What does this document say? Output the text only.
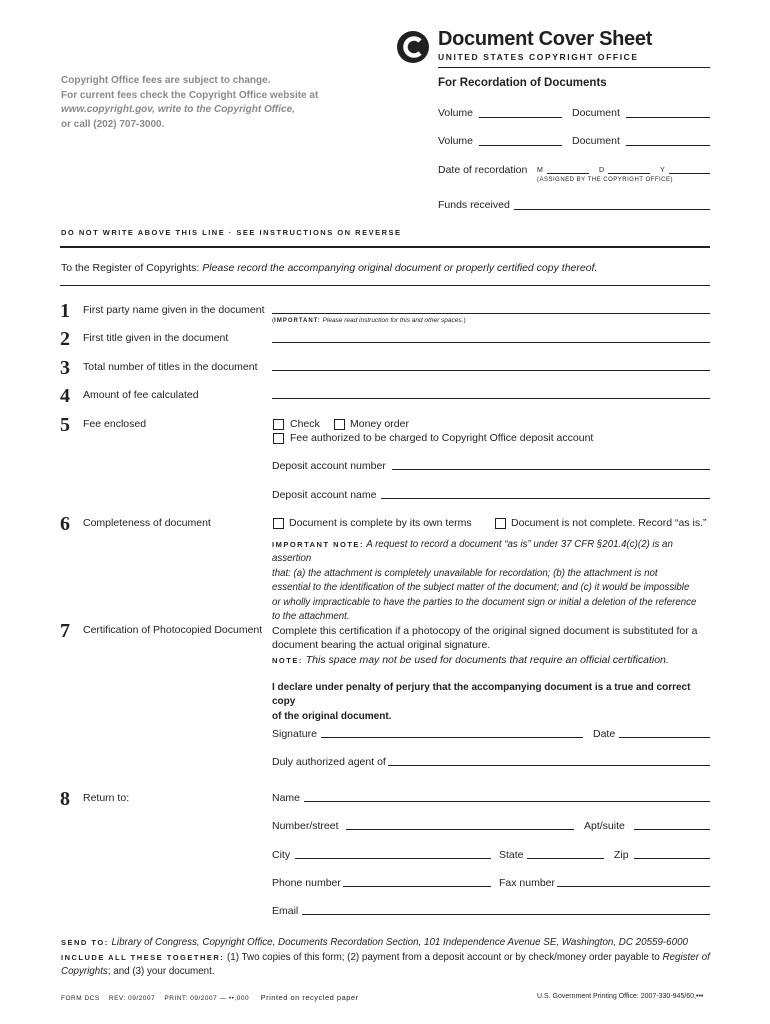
Document Cover Sheet
UNITED STATES COPYRIGHT OFFICE
For Recordation of Documents
Copyright Office fees are subject to change.
For current fees check the Copyright Office website at
www.copyright.gov, write to the Copyright Office,
or call (202) 707-3000.
Volume	Document
Volume	Document
Date of recordation M	D	Y
(ASSIGNED BY THE COPYRIGHT OFFICE)
Funds received
DO NOT WRITE ABOVE THIS LINE · SEE INSTRUCTIONS ON REVERSE
To the Register of Copyrights: Please record the accompanying original document or properly certified copy thereof.
1 First party name given in the document
(IMPORTANT: Please read instruction for this and other spaces.)
2 First title given in the document
3 Total number of titles in the document
4 Amount of fee calculated
5 Fee enclosed	Check	Money order
Fee authorized to be charged to Copyright Office deposit account
Deposit account number
Deposit account name
6 Completeness of document	Document is complete by its own terms	Document is not complete. Record “as is.”
IMPORTANT NOTE: A request to record a document “as is” under 37 CFR §201.4(c)(2) is an assertion
that: (a) the attachment is completely unavailable for recordation; (b) the attachment is not
essential to the identification of the subject matter of the document; and (c) it would be impossible
or wholly impracticable to have the parties to the document sign or initial a deletion of the reference
to the attachment.
7 Certification of Photocopied Document Complete this certification if a photocopy of the original signed document is substituted for a
document bearing the actual original signature.
NOTE: This space may not be used for documents that require an official certification.
I declare under penalty of perjury that the accompanying document is a true and correct copy
of the original document.
Signature	Date
Duly authorized agent of
8 Return to:	Name
Number/street	Apt/suite
City	State	Zip
Phone number	Fax number
Email
SEND TO: Library of Congress, Copyright Office, Documents Recordation Section, 101 Independence Avenue SE, Washington, DC 20559-6000
INCLUDE ALL THESE TOGETHER: (1) Two copies of this form; (2) payment from a deposit account or by check/money order payable to Register of
Copyrights; and (3) your document.
FORM DCS REV: 09/2007 PRINT: 09/2007 — ••,000 Printed on recycled paper	U.S. Government Printing Office: 2007-330-945/60,•••
